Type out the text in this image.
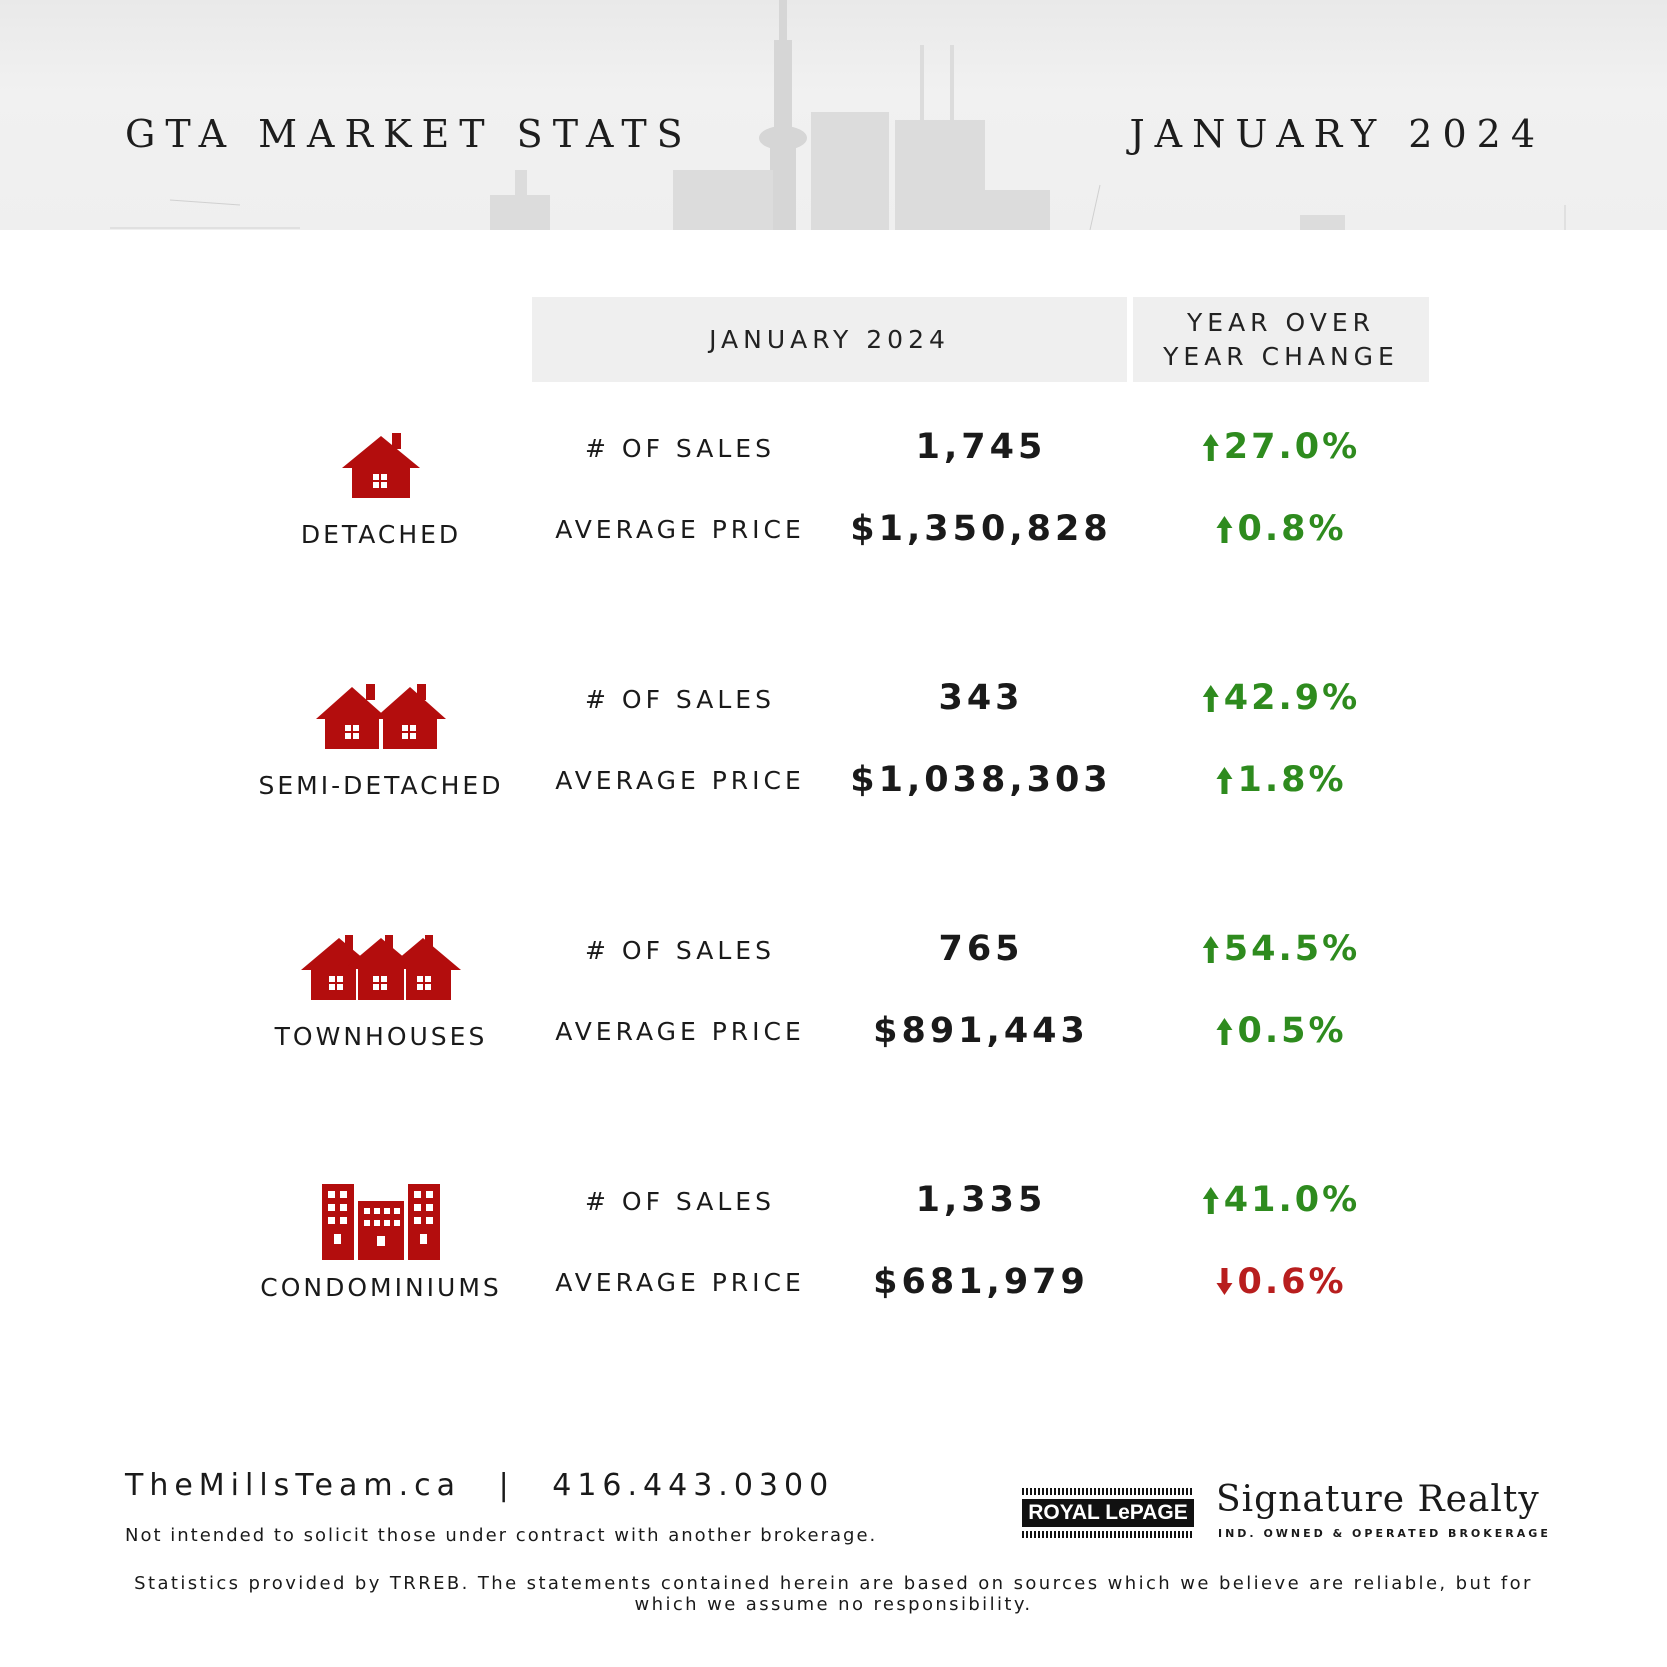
GTA MARKET STATS	JANUARY 2024
JANUARY 2024
YEAR OVER
YEAR CHANGE
DETACHED
# OF SALES	1,745	27.0%
AVERAGE PRICE $1,350,828	0.8%
SEMI-DETACHED
# OF SALES	343	42.9%
AVERAGE PRICE $1,038,303	1.8%
TOWNHOUSES
# OF SALES	765	54.5%
AVERAGE PRICE $891,443	0.5%
CONDOMINIUMS
# OF SALES	1,335	41.0%
AVERAGE PRICE $681,979	0.6%
TheMillsTeam.ca | 416.443.0300
Not intended to solicit those under contract with another brokerage.
ROYAL LePAGE Signature Realty
IND. OWNED & OPERATED BROKERAGE
Statistics provided by TRREB. The statements contained herein are based on sources which we believe are reliable, but for which we assume no responsibility.
